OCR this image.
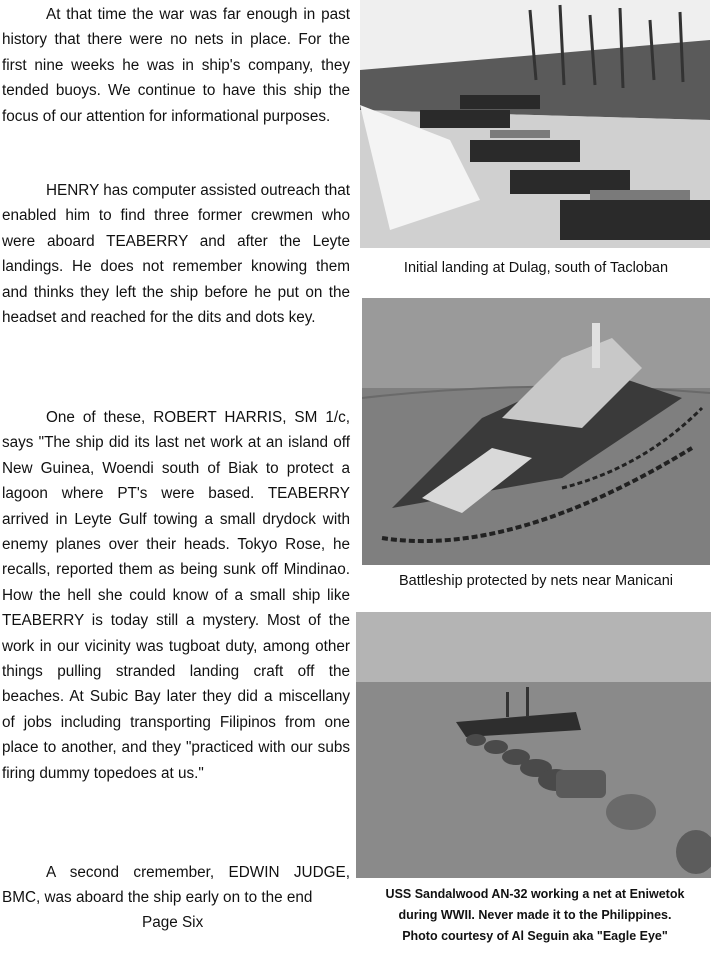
At that time the war was far enough in past history that there were no nets in place. For the first nine weeks he was in ship's company, they tended buoys. We continue to have this ship the focus of our attention for informational purposes.

HENRY has computer assisted outreach that enabled him to find three former crewmen who were aboard TEABERRY and after the Leyte landings. He does not remember knowing them and thinks they left the ship before he put on the headset and reached for the dits and dots key.

One of these, ROBERT HARRIS, SM 1/c, says "The ship did its last net work at an island off New Guinea, Woendi south of Biak to protect a lagoon where PT's were based. TEABERRY arrived in Leyte Gulf towing a small drydock with enemy planes over their heads. Tokyo Rose, he recalls, reported them as being sunk off Mindinao. How the hell she could know of a small ship like TEABERRY is today still a mystery. Most of the work in our vicinity was tugboat duty, among other things pulling stranded landing craft off the beaches. At Subic Bay later they did a miscellany of jobs including transporting Filipinos from one place to another, and they "practiced with our subs firing dummy topedoes at us."

A second cremember, EDWIN JUDGE, BMC, was aboard the ship early on to the end

Page Six
Initial landing at Dulag, south of Tacloban
Battleship protected by nets near Manicani
USS Sandalwood AN-32 working a net at Eniwetok
during WWII. Never made it to the Philippines.
Photo courtesy of Al Seguin aka "Eagle Eye"
